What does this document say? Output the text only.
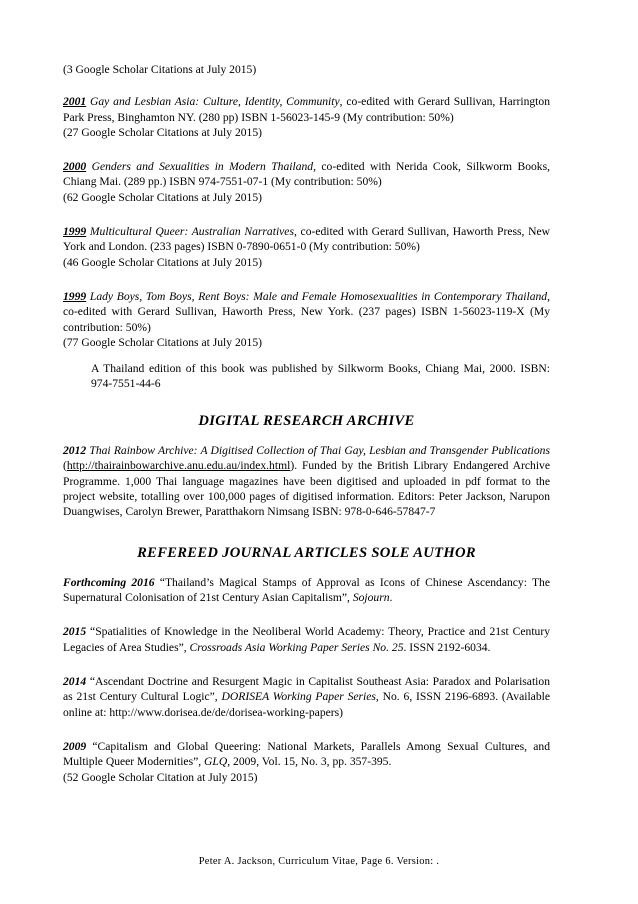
(3 Google Scholar Citations at July 2015)

2001 Gay and Lesbian Asia: Culture, Identity, Community, co-edited with Gerard Sullivan, Harrington Park Press, Binghamton NY. (280 pp) ISBN 1-56023-145-9 (My contribution: 50%)

(27 Google Scholar Citations at July 2015)

2000 Genders and Sexualities in Modern Thailand, co-edited with Nerida Cook, Silkworm Books, Chiang Mai. (289 pp.) ISBN 974-7551-07-1 (My contribution: 50%)

(62 Google Scholar Citations at July 2015)

1999 Multicultural Queer: Australian Narratives, co-edited with Gerard Sullivan, Haworth Press, New York and London. (233 pages) ISBN 0-7890-0651-0 (My contribution: 50%)

(46 Google Scholar Citations at July 2015)

1999 Lady Boys, Tom Boys, Rent Boys: Male and Female Homosexualities in Contemporary Thailand, co-edited with Gerard Sullivan, Haworth Press, New York. (237 pages) ISBN 1-56023-119-X (My contribution: 50%)

(77 Google Scholar Citations at July 2015)

A Thailand edition of this book was published by Silkworm Books, Chiang Mai, 2000. ISBN: 974-7551-44-6

DIGITAL RESEARCH ARCHIVE

2012 Thai Rainbow Archive: A Digitised Collection of Thai Gay, Lesbian and Transgender Publications (http://thairainbowarchive.anu.edu.au/index.html). Funded by the British Library Endangered Archive Programme. 1,000 Thai language magazines have been digitised and uploaded in pdf format to the project website, totalling over 100,000 pages of digitised information. Editors: Peter Jackson, Narupon Duangwises, Carolyn Brewer, Paratthakorn Nimsang ISBN: 978-0-646-57847-7

REFEREED JOURNAL ARTICLES SOLE AUTHOR

Forthcoming 2016 “Thailand’s Magical Stamps of Approval as Icons of Chinese Ascendancy: The Supernatural Colonisation of 21st Century Asian Capitalism”, Sojourn.

2015 “Spatialities of Knowledge in the Neoliberal World Academy: Theory, Practice and 21st Century Legacies of Area Studies”, Crossroads Asia Working Paper Series No. 25. ISSN 2192-6034.

2014 “Ascendant Doctrine and Resurgent Magic in Capitalist Southeast Asia: Paradox and Polarisation as 21st Century Cultural Logic”, DORISEA Working Paper Series, No. 6, ISSN 2196-6893. (Available online at: http://www.dorisea.de/de/dorisea-working-papers)

2009 “Capitalism and Global Queering: National Markets, Parallels Among Sexual Cultures, and Multiple Queer Modernities”, GLQ, 2009, Vol. 15, No. 3, pp. 357-395.

(52 Google Scholar Citation at July 2015)
Peter A. Jackson, Curriculum Vitae, Page 6. Version: .
